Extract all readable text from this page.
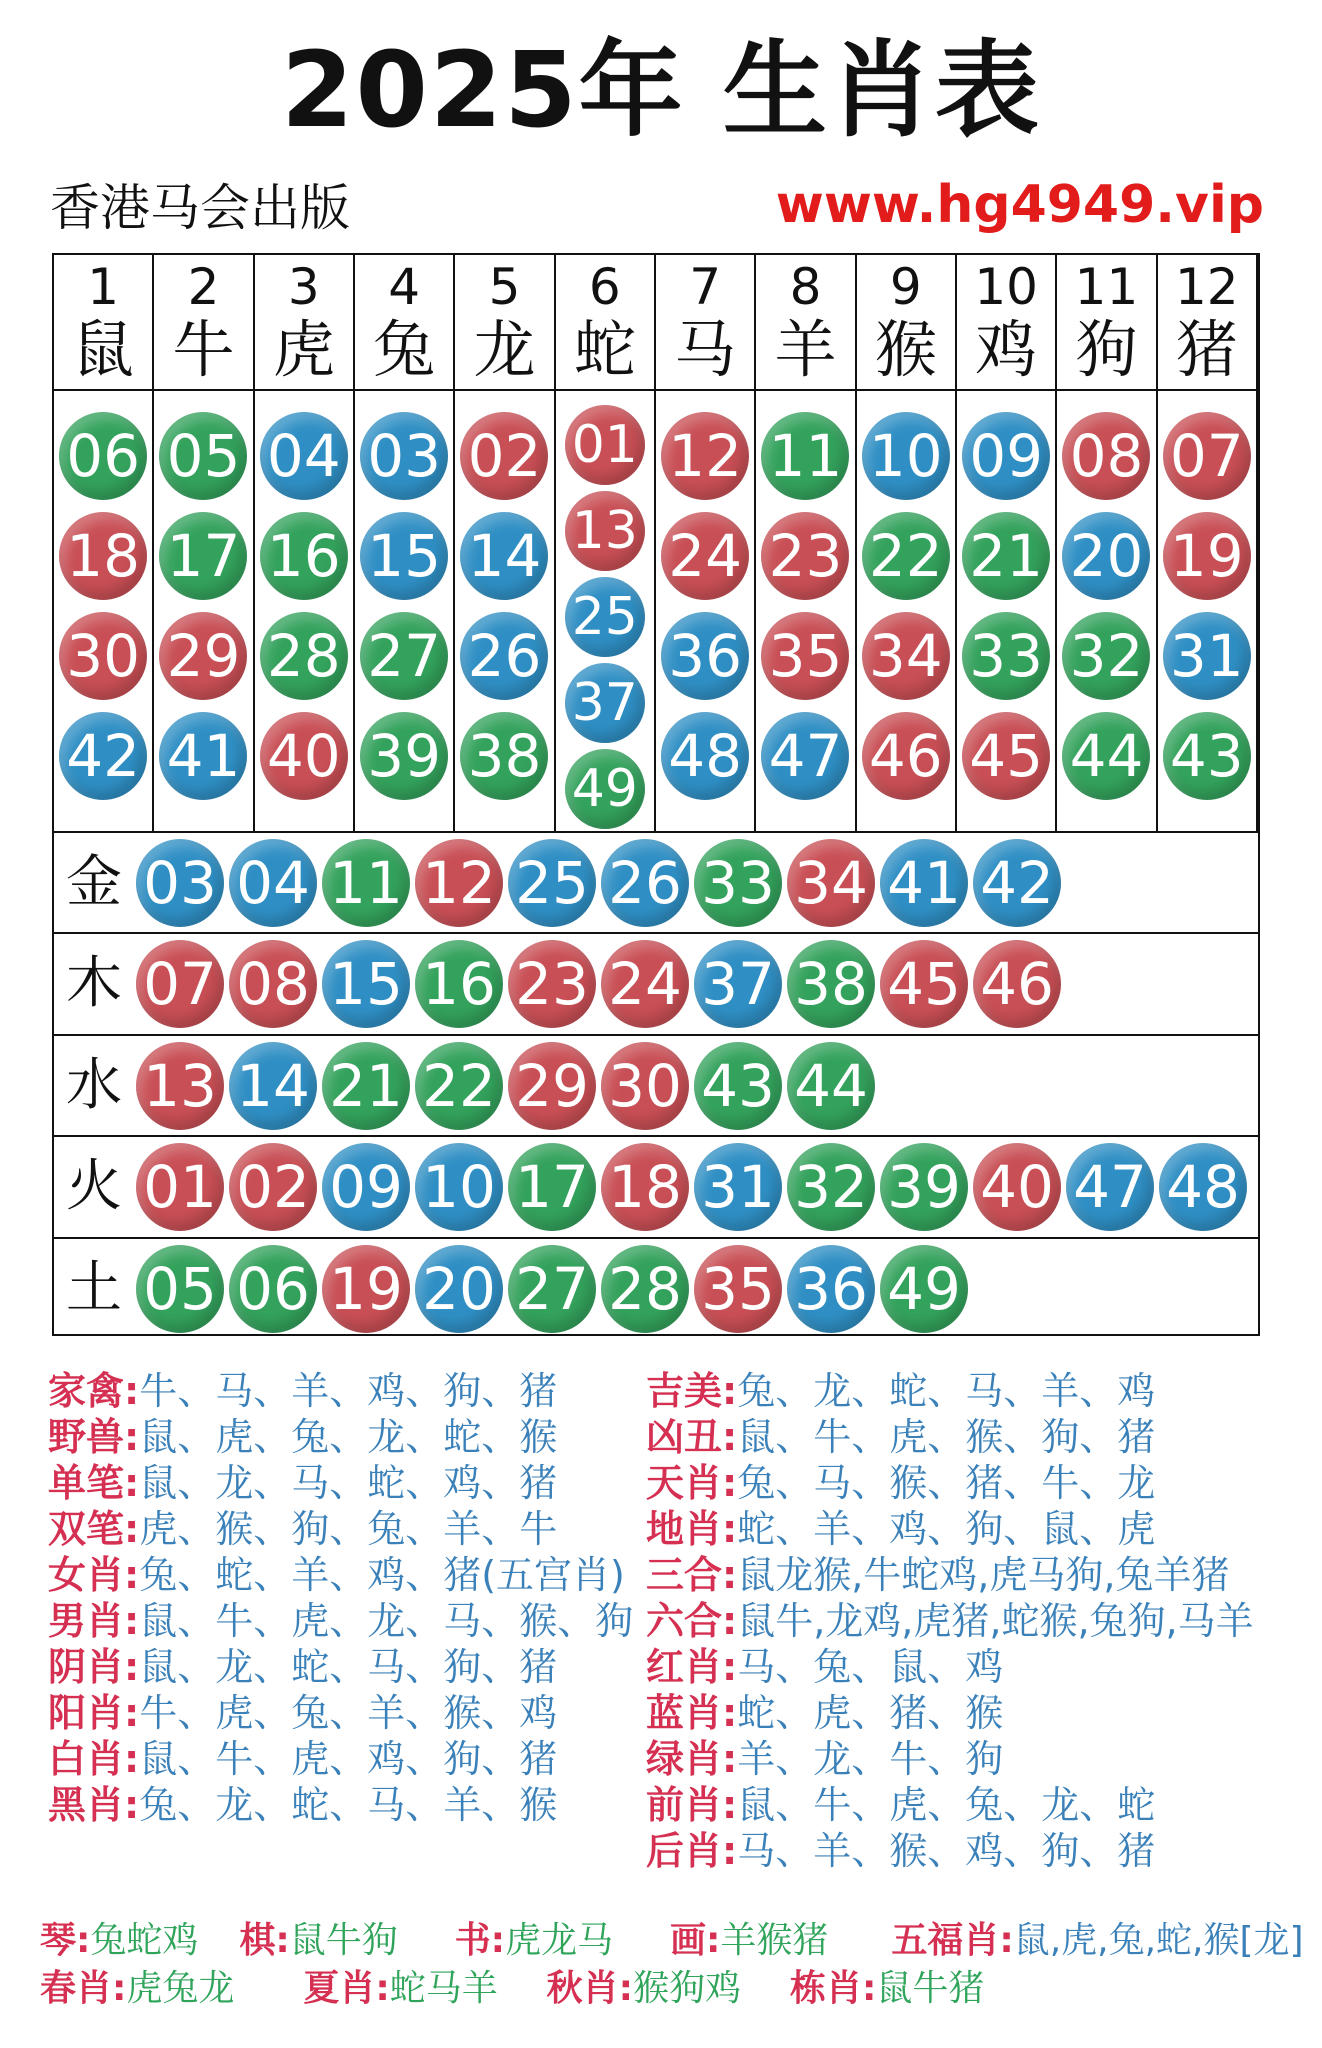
2025年 生肖表
香港马会出版	www.hg4949.vip
1
鼠
06
18
30
42
2
牛
05
17
29
41
3
虎
04
16
28
40
4
兔
03
15
27
39
5
龙
02
14
26
38
6
蛇
01
13
25
37
49
7
马
12
24
36
48
8
羊
11
23
35
47
9
猴
10
22
34
46
10
鸡
09
21
33
45
11
狗
08
20
32
44
12
猪
07
19
31
43
金 03 04 11 12 25 26 33 34 41 42
木 07 08 15 16 23 24 37 38 45 46
水 13 14 21 22 29 30 43 44
火 01 02 09 10 17 18 31 32 39 40 47 48
土 05 06 19 20 27 28 35 36 49
家禽:牛、马、羊、鸡、狗、猪
野兽:鼠、虎、兔、龙、蛇、猴
单笔:鼠、龙、马、蛇、鸡、猪
双笔:虎、猴、狗、兔、羊、牛
女肖:兔、蛇、羊、鸡、猪(五宫肖)
男肖:鼠、牛、虎、龙、马、猴、狗
阴肖:鼠、龙、蛇、马、狗、猪
阳肖:牛、虎、兔、羊、猴、鸡
白肖:鼠、牛、虎、鸡、狗、猪
黑肖:兔、龙、蛇、马、羊、猴
吉美:兔、龙、蛇、马、羊、鸡
凶丑:鼠、牛、虎、猴、狗、猪
天肖:兔、马、猴、猪、牛、龙
地肖:蛇、羊、鸡、狗、鼠、虎
三合:鼠龙猴,牛蛇鸡,虎马狗,兔羊猪
六合:鼠牛,龙鸡,虎猪,蛇猴,兔狗,马羊
红肖:马、兔、鼠、鸡
蓝肖:蛇、虎、猪、猴
绿肖:羊、龙、牛、狗
前肖:鼠、牛、虎、兔、龙、蛇
后肖:马、羊、猴、鸡、狗、猪
琴:兔蛇鸡 棋:鼠牛狗 书:虎龙马 画:羊猴猪 五福肖:鼠,虎,兔,蛇,猴[龙]
春肖:虎兔龙 夏肖:蛇马羊 秋肖:猴狗鸡 栋肖:鼠牛猪
